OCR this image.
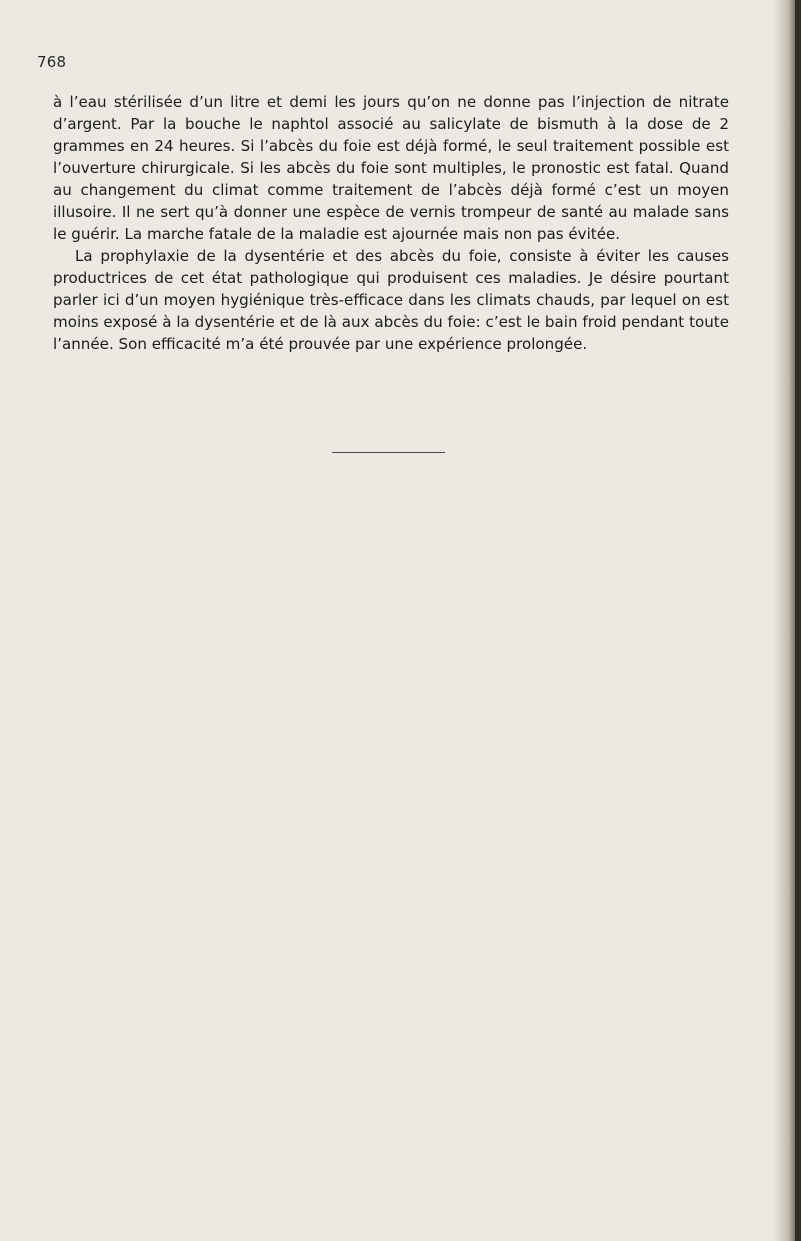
768

à l’eau stérilisée d’un litre et demi les jours qu’on ne donne pas l’injection de nitrate d’argent. Par la bouche le naphtol associé au salicylate de bismuth à la dose de 2 grammes en 24 heures. Si l’abcès du foie est déjà formé, le seul traitement possible est l’ouverture chirurgicale. Si les abcès du foie sont multiples, le pronostic est fatal. Quand au changement du climat comme traitement de l’abcès déjà formé c’est un moyen illusoire. Il ne sert qu’à donner une espèce de vernis trompeur de santé au malade sans le guérir. La marche fatale de la maladie est ajournée mais non pas évitée.

La prophylaxie de la dysentérie et des abcès du foie, consiste à éviter les causes productrices de cet état pathologique qui produisent ces maladies. Je désire pourtant parler ici d’un moyen hygiénique très-efficace dans les climats chauds, par lequel on est moins exposé à la dysentérie et de là aux abcès du foie: c’est le bain froid pendant toute l’année. Son efficacité m’a été prouvée par une expérience prolongée.
